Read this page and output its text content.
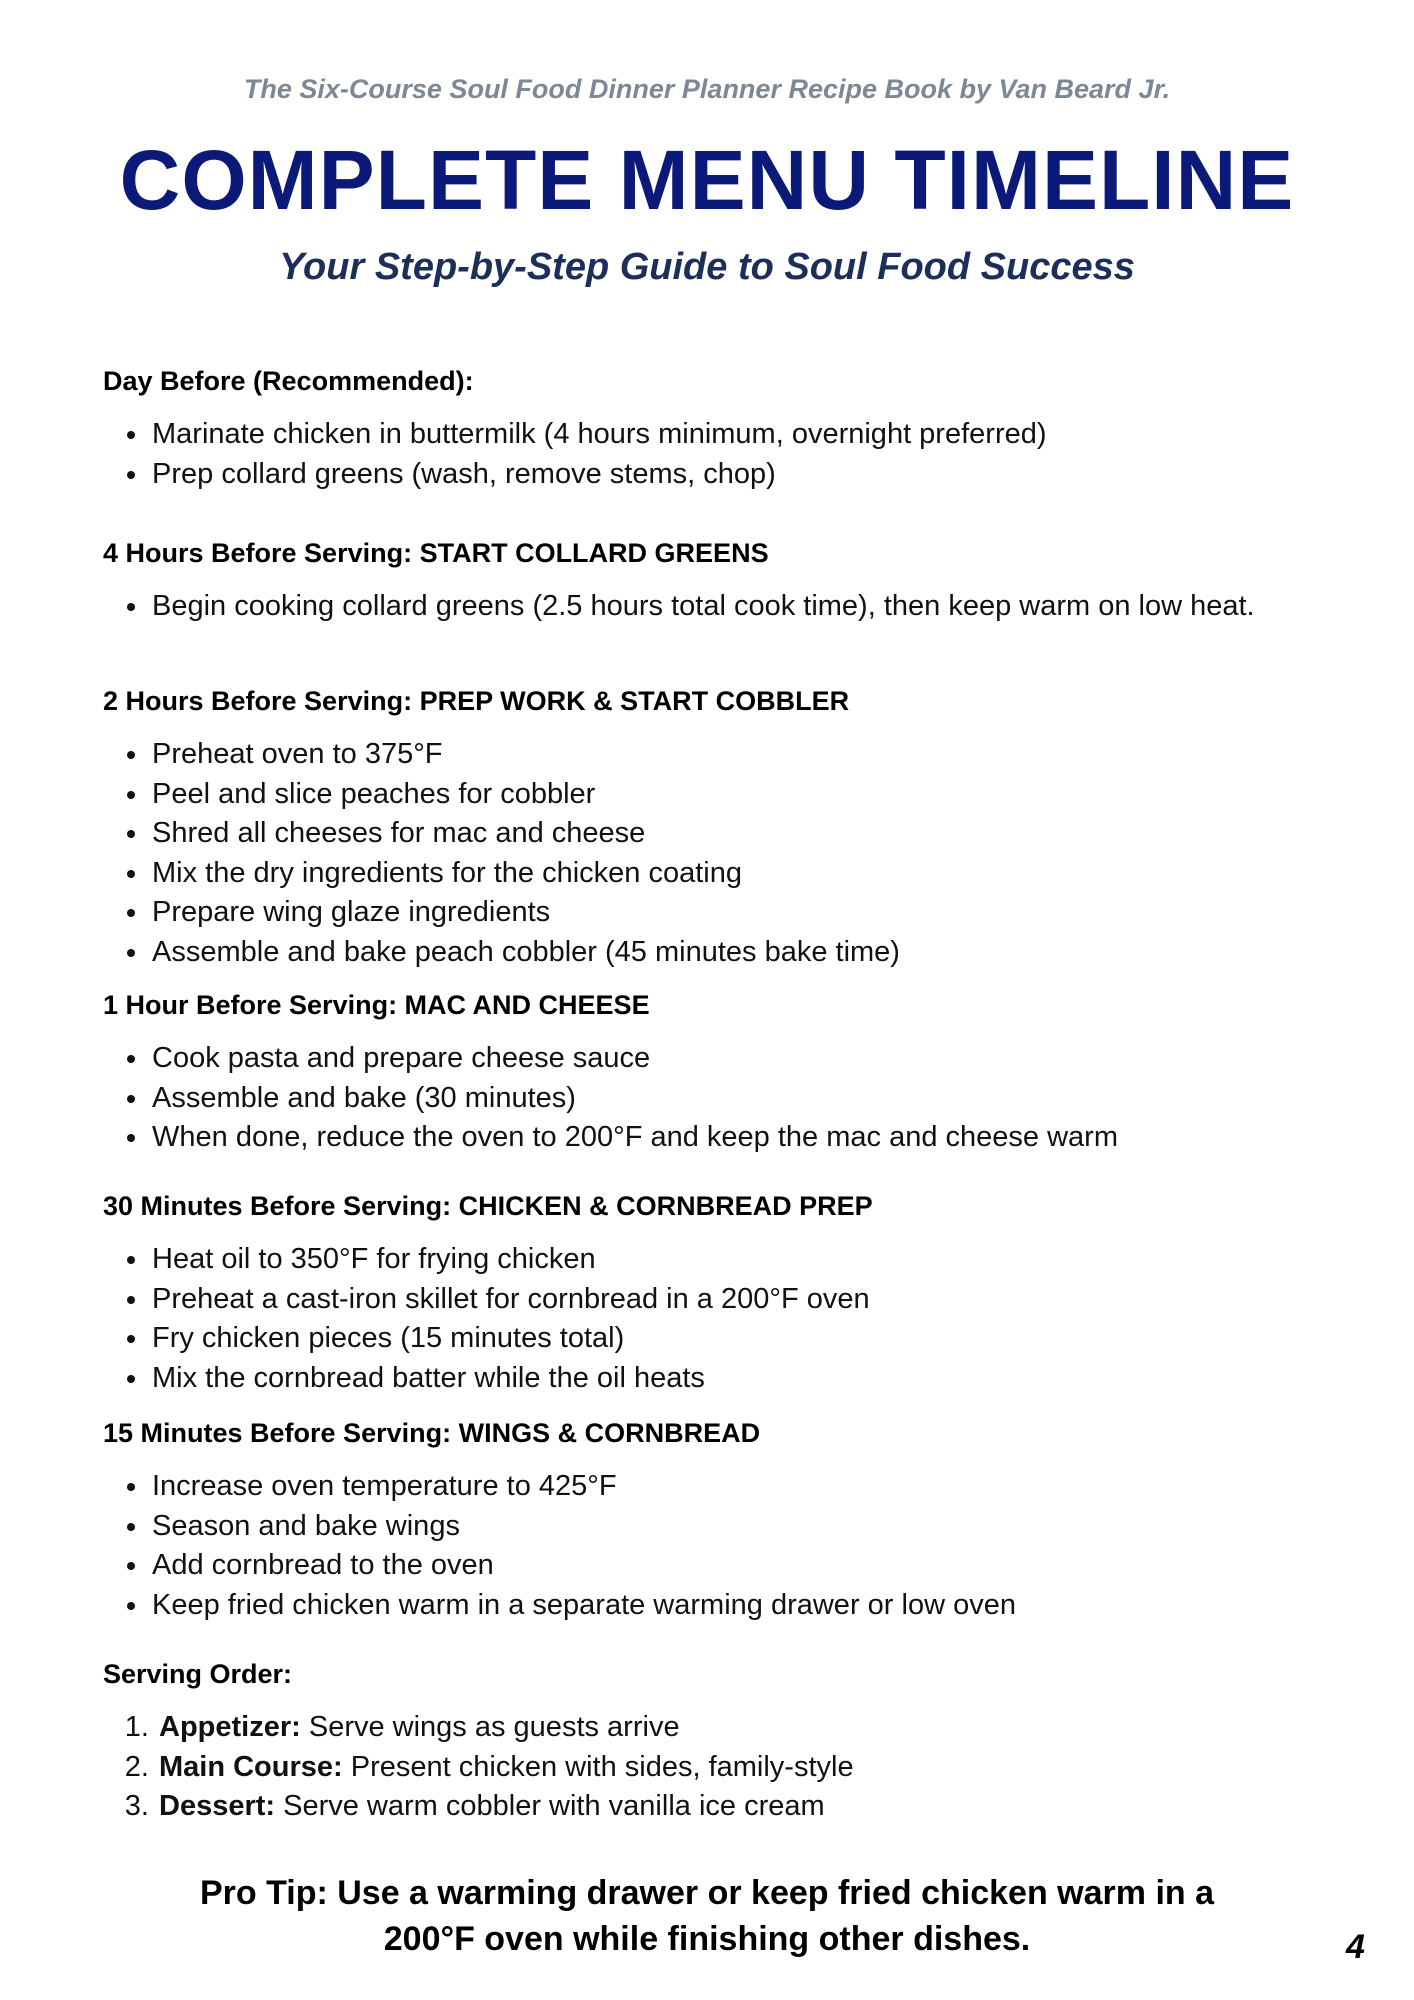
The Six-Course Soul Food Dinner Planner Recipe Book by Van Beard Jr.
COMPLETE MENU TIMELINE
Your Step-by-Step Guide to Soul Food Success
Day Before (Recommended):
• Marinate chicken in buttermilk (4 hours minimum, overnight preferred)
• Prep collard greens (wash, remove stems, chop)
4 Hours Before Serving: START COLLARD GREENS
• Begin cooking collard greens (2.5 hours total cook time), then keep warm on low heat.
2 Hours Before Serving: PREP WORK & START COBBLER
• Preheat oven to 375°F
• Peel and slice peaches for cobbler
• Shred all cheeses for mac and cheese
• Mix the dry ingredients for the chicken coating
• Prepare wing glaze ingredients
• Assemble and bake peach cobbler (45 minutes bake time)
1 Hour Before Serving: MAC AND CHEESE
• Cook pasta and prepare cheese sauce
• Assemble and bake (30 minutes)
• When done, reduce the oven to 200°F and keep the mac and cheese warm
30 Minutes Before Serving: CHICKEN & CORNBREAD PREP
• Heat oil to 350°F for frying chicken
• Preheat a cast-iron skillet for cornbread in a 200°F oven
• Fry chicken pieces (15 minutes total)
• Mix the cornbread batter while the oil heats
15 Minutes Before Serving: WINGS & CORNBREAD
• Increase oven temperature to 425°F
• Season and bake wings
• Add cornbread to the oven
• Keep fried chicken warm in a separate warming drawer or low oven
Serving Order:
1. Appetizer: Serve wings as guests arrive
2. Main Course: Present chicken with sides, family-style
3. Dessert: Serve warm cobbler with vanilla ice cream
Pro Tip: Use a warming drawer or keep fried chicken warm in a 200°F oven while finishing other dishes.	4
